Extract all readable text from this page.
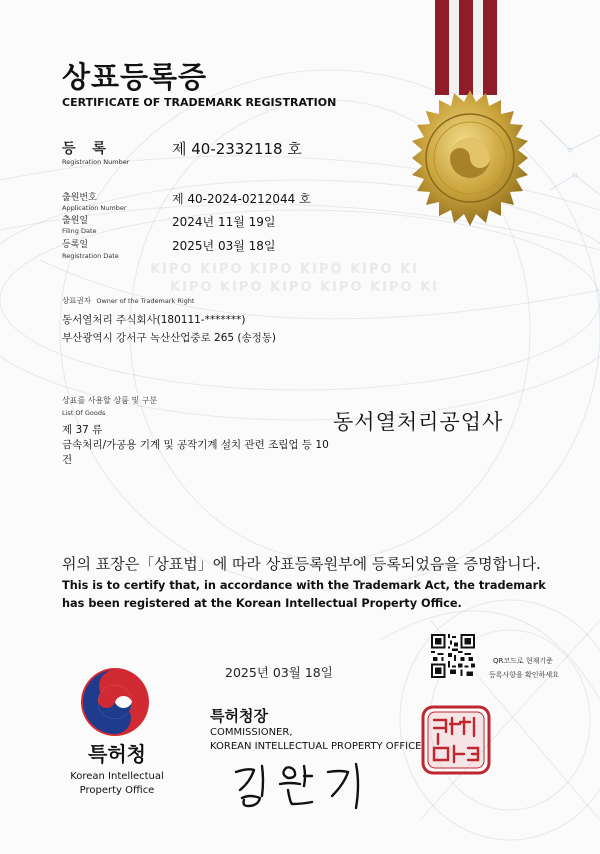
상표등록증
CERTIFICATE OF TRADEMARK REGISTRATION
등 록
Registration Number
제 40-2332118 호
출원번호
Application Number
제 40-2024-0212044 호
출원일
Filing Date
2024년 11월 19일
등록일
Registration Date
2025년 03월 18일
KIPO KIPO KIPO KIPO KIPO KI
KIPO KIPO KIPO KIPO KIPO KI
상표권자 Owner of the Trademark Right
동서열처리 주식회사(180111-*******)
부산광역시 강서구 녹산산업중로 265 (송정동)
상표를 사용할 상품 및 구분
List Of Goods
제 37 류
금속처리/가공용 기계 및 공작기계 설치 관련 조립업 등 10건
동서열처리공업사
위의 표장은「상표법」에 따라 상표등록원부에 등록되었음을 증명합니다.
This is to certify that, in accordance with the Trademark Act, the trademark
has been registered at the Korean Intellectual Property Office.
QR코드로 현재기준
등록사항을 확인하세요
2025년 03월 18일
특허청
Korean Intellectual
Property Office
특허청장
COMMISSIONER,
KOREAN INTELLECTUAL PROPERTY OFFICE
